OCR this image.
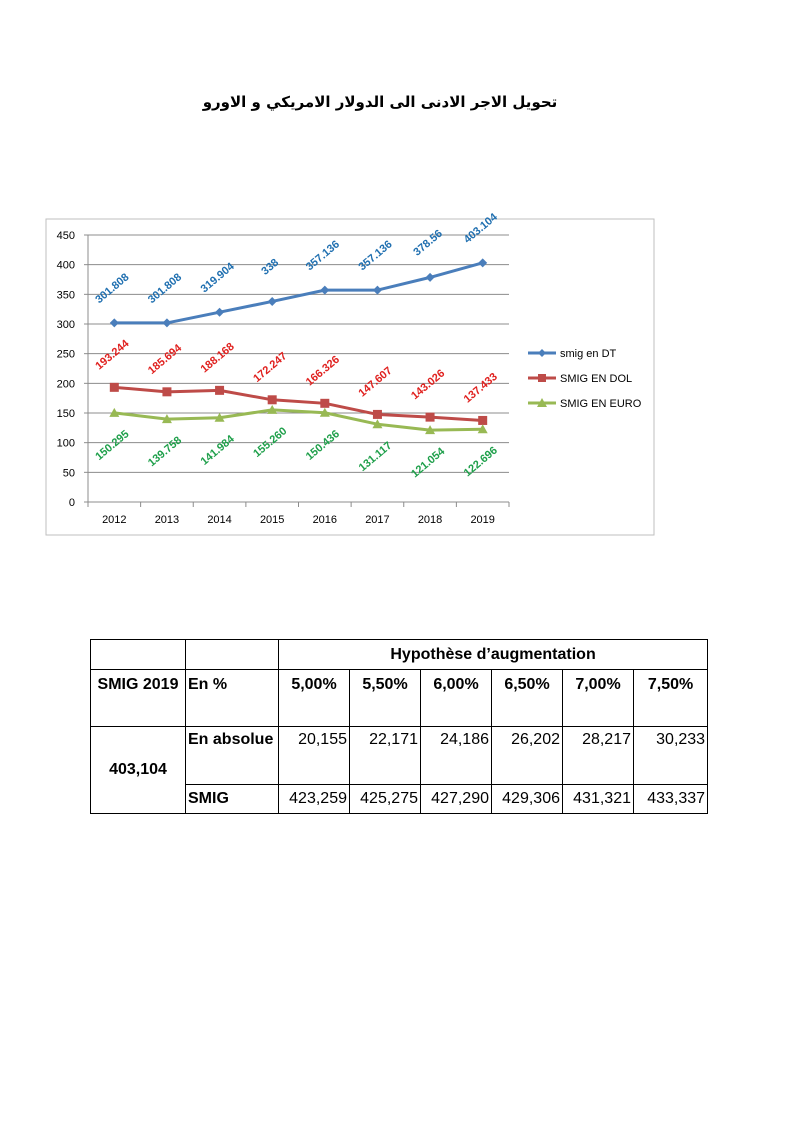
تحويل الاجر الادنى الى الدولار الامريكي و الاورو
0
50
100
150
200
250
300
350
400
450
2012	2013	2014	2015	2016	2017	2018	2019
301.808 301.808 319.904 338 357.136 357.136 378.56 403.104
193.244 185.694 188.168 172.247 166.326 147.607 143.026 137.433
150.295 139.758 141.984 155.260 150.436 131.117 121.054 122.696
smig en DT
SMIG EN DOL
SMIG EN EURO
		Hypothèse d’augmentation					
SMIG 2019	En %	5,00%	5,50%	6,00%	6,50%	7,00%	7,50%
403,104	En absolue	20,155	22,171	24,186	26,202	28,217	30,233
	SMIG	423,259	425,275	427,290	429,306	431,321	433,337
